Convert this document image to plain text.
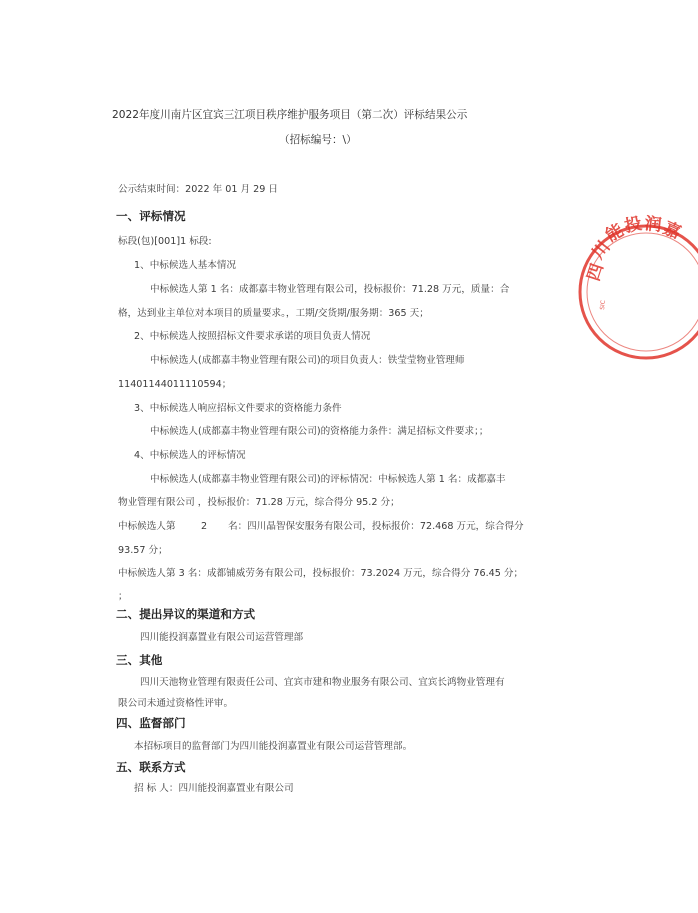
2022年度川南片区宜宾三江项目秩序维护服务项目（第二次）评标结果公示
（招标编号：\）
公示结束时间：2022 年 01 月 29 日
一、评标情况
标段(包)[001]1 标段:
1、中标候选人基本情况
中标候选人第 1 名：成都嘉丰物业管理有限公司，投标报价：71.28 万元，质量：合
格，达到业主单位对本项目的质量要求。，工期/交货期/服务期：365 天；
2、中标候选人按照招标文件要求承诺的项目负责人情况
中标候选人(成都嘉丰物业管理有限公司)的项目负责人：铁莹莹物业管理师
11401144011110594；
3、中标候选人响应招标文件要求的资格能力条件
中标候选人(成都嘉丰物业管理有限公司)的资格能力条件：满足招标文件要求；；
4、中标候选人的评标情况
中标候选人(成都嘉丰物业管理有限公司)的评标情况：中标候选人第 1 名：成都嘉丰
物业管理有限公司 ，投标报价：71.28 万元，综合得分 95.2 分；
中标候选人第	2 名：四川晶智保安服务有限公司，投标报价：72.468 万元，综合得分
93.57 分；
中标候选人第 3 名：成都铺威劳务有限公司，投标报价：73.2024 万元，综合得分 76.45 分；
；
二、提出异议的渠道和方式
四川能投润嘉置业有限公司运营管理部
三、其他
四川天池物业管理有限责任公司、宜宾市建和物业服务有限公司、宜宾长鸿物业管理有
限公司未通过资格性评审。
四、监督部门
本招标项目的监督部门为四川能投润嘉置业有限公司运营管理部。
五、联系方式
招 标 人：四川能投润嘉置业有限公司
四
川
能
投 润
嘉
SIC
